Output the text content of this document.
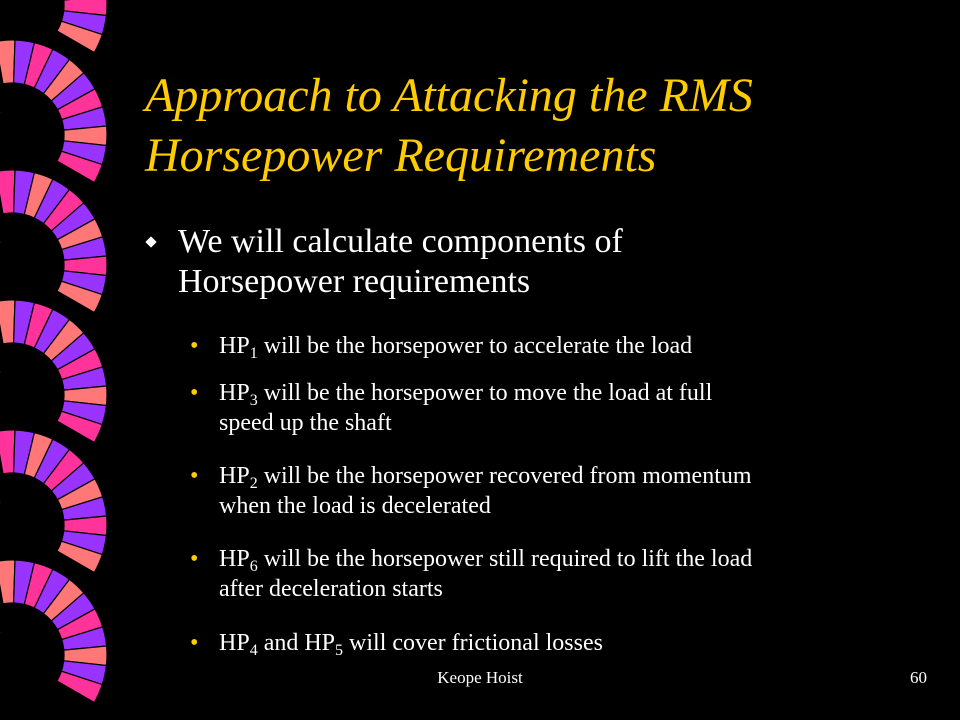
Approach to Attacking the RMS
Horsepower Requirements
We will calculate components of
Horsepower requirements
• $HP_1$ will be the horsepower to accelerate the load
• $HP_3$ will be the horsepower to move the load at full
speed up the shaft
• $HP_2$ will be the horsepower recovered from momentum
when the load is decelerated
• $HP_6$ will be the horsepower still required to lift the load
after deceleration starts
• $HP_4$ and $HP_5$ will cover frictional losses
Keope Hoist	60
